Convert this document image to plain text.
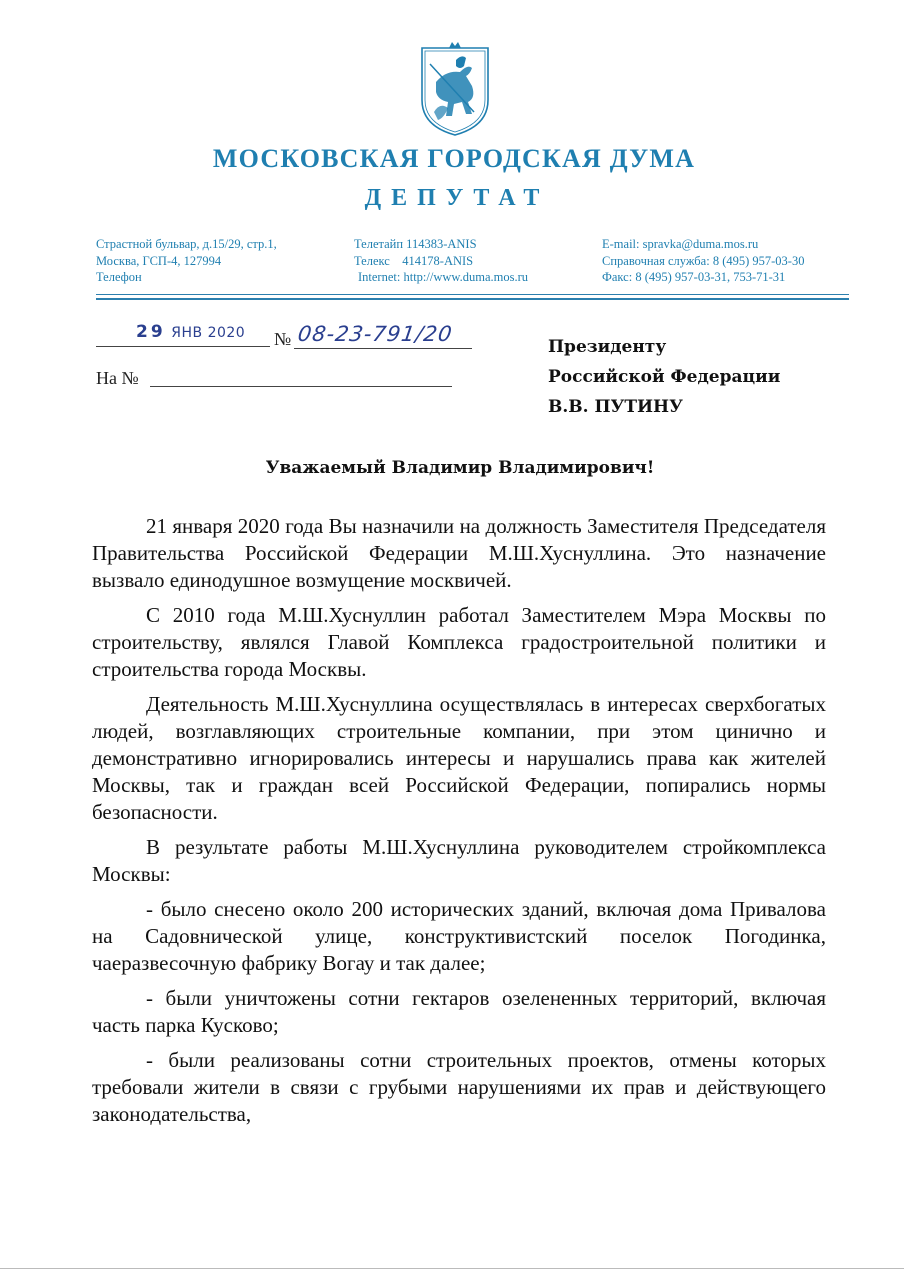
МОСКОВСКАЯ ГОРОДСКАЯ ДУМА
ДЕПУТАТ
Страстной бульвар, д.15/29, стр.1,
Москва, ГСП-4, 127994
Телефон
Телетайп 114383-ANIS
Телекс    414178-ANIS
Internet: http://www.duma.mos.ru
E-mail: spravka@duma.mos.ru
Справочная служба: 8 (495) 957-03-30
Факс: 8 (495) 957-03-31, 753-71-31
29 ЯНВ 2020 № 08-23-791/20
На №
Президенту
Российской Федерации
В.В. ПУТИНУ
Уважаемый Владимир Владимирович!

21 января 2020 года Вы назначили на должность Заместителя Председателя Правительства Российской Федерации М.Ш.Хуснуллина. Это назначение вызвало единодушное возмущение москвичей.

С 2010 года М.Ш.Хуснуллин работал Заместителем Мэра Москвы по строительству, являлся Главой Комплекса градостроительной политики и строительства города Москвы.

Деятельность М.Ш.Хуснуллина осуществлялась в интересах сверхбогатых людей, возглавляющих строительные компании, при этом цинично и демонстративно игнорировались интересы и нарушались права как жителей Москвы, так и граждан всей Российской Федерации, попирались нормы безопасности.

В результате работы М.Ш.Хуснуллина руководителем стройкомплекса Москвы:

- было снесено около 200 исторических зданий, включая дома Привалова на Садовнической улице, конструктивистский поселок Погодинка, чаеразвесочную фабрику Вогау и так далее;

- были уничтожены сотни гектаров озелененных территорий, включая часть парка Кусково;

- были реализованы сотни строительных проектов, отмены которых требовали жители в связи с грубыми нарушениями их прав и действующего законодательства,
